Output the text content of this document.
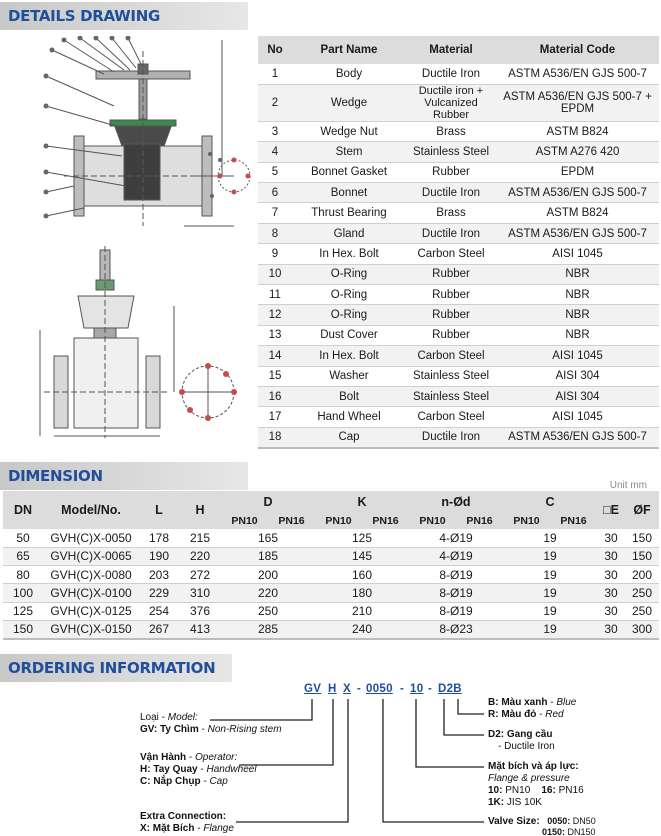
DETAILS DRAWING
No	Part Name	Material	Material Code
1	Body	Ductile Iron	ASTM A536/EN GJS 500-7
2	Wedge	Ductile iron + Vulcanized Rubber	ASTM A536/EN GJS 500-7 + EPDM
3	Wedge Nut	Brass	ASTM B824
4	Stem	Stainless Steel	ASTM A276 420
5	Bonnet Gasket	Rubber	EPDM
6	Bonnet	Ductile Iron	ASTM A536/EN GJS 500-7
7	Thrust Bearing	Brass	ASTM B824
8	Gland	Ductile Iron	ASTM A536/EN GJS 500-7
9	In Hex. Bolt	Carbon Steel	AISI 1045
10	O-Ring	Rubber	NBR
11	O-Ring	Rubber	NBR
12	O-Ring	Rubber	NBR
13	Dust Cover	Rubber	NBR
14	In Hex. Bolt	Carbon Steel	AISI 1045
15	Washer	Stainless Steel	AISI 304
16	Bolt	Stainless Steel	AISI 304
17	Hand Wheel	Carbon Steel	AISI 1045
18	Cap	Ductile Iron	ASTM A536/EN GJS 500-7
DIMENSION
Unit mm
DN	Model/No.	L	H	D		K		n-Ød		C		□E	ØF
				PN10	PN16	PN10	PN16	PN10	PN16	PN10	PN16		
50	GVH(C)X-0050	178	215	165		125		4-Ø19		19		30	150
65	GVH(C)X-0065	190	220	185		145		4-Ø19		19		30	150
80	GVH(C)X-0080	203	272	200		160		8-Ø19		19		30	200
100	GVH(C)X-0100	229	310	220		180		8-Ø19		19		30	250
125	GVH(C)X-0125	254	376	250		210		8-Ø19		19		30	250
150	GVH(C)X-0150	267	413	285		240		8-Ø23		19		30	300
ORDERING INFORMATION
GV H X - 0050 - 10 - D2B
Loại - Model:
GV: Ty Chìm - Non-Rising stem
Vận Hành - Operator:
H: Tay Quay - Handwheel
C: Nắp Chụp - Cap
Extra Connection:
X: Mặt Bích - Flange
B: Màu xanh - Blue
R: Màu đỏ - Red
D2: Gang cầu
- Ductile Iron
Mặt bích và áp lực:
Flange & pressure
10: PN10 16: PN16
1K: JIS 10K
Valve Size: 0050: DN50
0150: DN150
